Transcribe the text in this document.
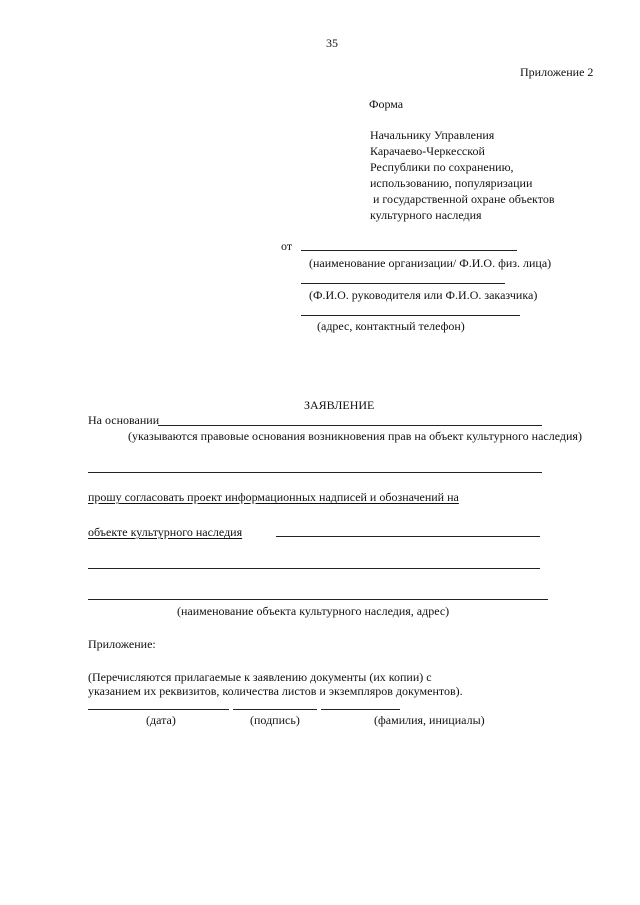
35
Приложение 2
Форма
Начальнику Управления
Карачаево-Черкесской
Республики по сохранению,
использованию, популяризации
и государственной охране объектов
культурного наследия
от
(наименование организации/ Ф.И.О. физ. лица)
(Ф.И.О. руководителя или Ф.И.О. заказчика)
(адрес, контактный телефон)
ЗАЯВЛЕНИЕ
На основании
(указываются правовые основания возникновения прав на объект культурного наследия)
прошу согласовать проект информационных надписей и обозначений на
объекте культурного наследия
(наименование объекта культурного наследия, адрес)
Приложение:
(Перечисляются прилагаемые к заявлению документы (их копии) с
указанием их реквизитов, количества листов и экземпляров документов).
(дата)	(подпись)	(фамилия, инициалы)
